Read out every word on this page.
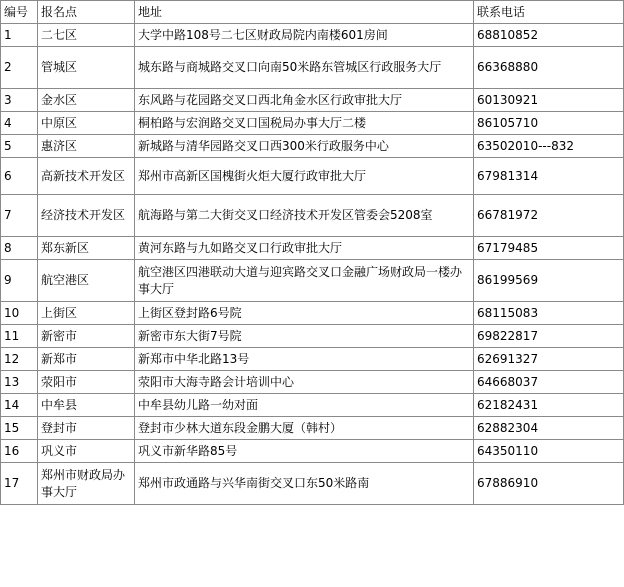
编号	报名点	地址	联系电话
1	二七区	大学中路108号二七区财政局院内南楼601房间	68810852
2	管城区	城东路与商城路交叉口向南50米路东管城区行政服务大厅	66368880
3	金水区	东风路与花园路交叉口西北角金水区行政审批大厅	60130921
4	中原区	桐柏路与宏润路交叉口国税局办事大厅二楼	86105710
5	惠济区	新城路与清华园路交叉口西300米行政服务中心	63502010---832
6	高新技术开发区	郑州市高新区国槐街火炬大厦行政审批大厅	67981314
7	经济技术开发区	航海路与第二大街交叉口经济技术开发区管委会5208室	66781972
8	郑东新区	黄河东路与九如路交叉口行政审批大厅	67179485
9	航空港区	航空港区四港联动大道与迎宾路交叉口金融广场财政局一楼办事大厅	86199569
10	上街区	上街区登封路6号院	68115083
11	新密市	新密市东大街7号院	69822817
12	新郑市	新郑市中华北路13号	62691327
13	荥阳市	荥阳市大海寺路会计培训中心	64668037
14	中牟县	中牟县幼儿路一幼对面	62182431
15	登封市	登封市少林大道东段金鹏大厦（韩村）	62882304
16	巩义市	巩义市新华路85号	64350110
17	郑州市财政局办事大厅	郑州市政通路与兴华南街交叉口东50米路南	67886910
